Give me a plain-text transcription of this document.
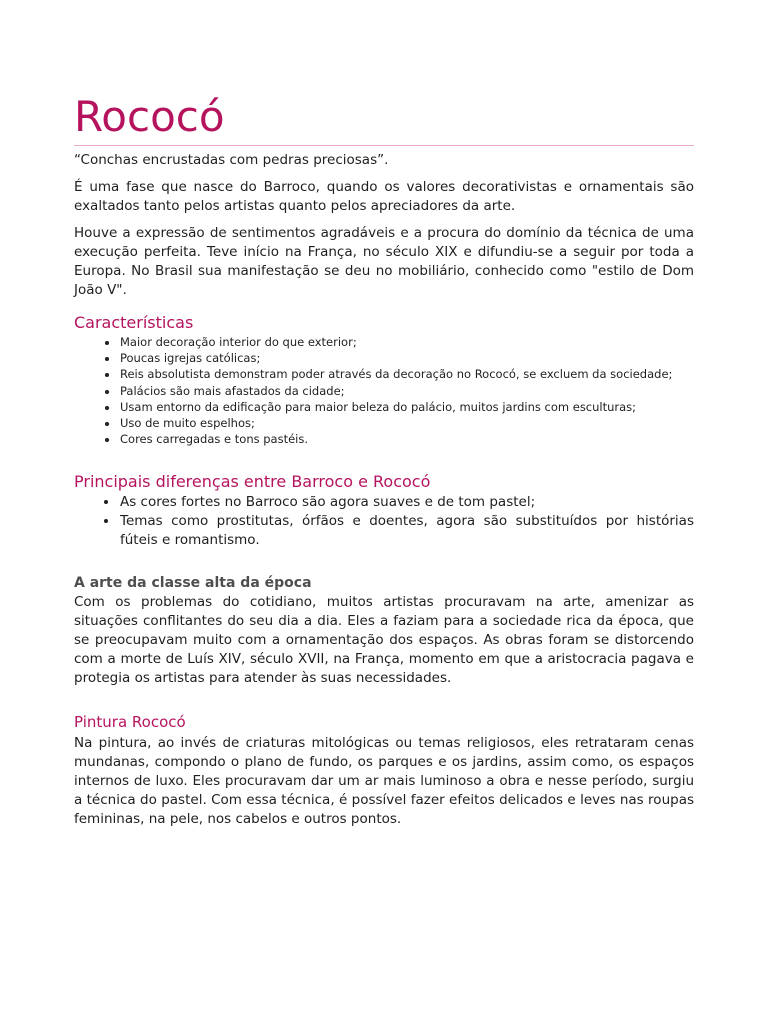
Rococó

“Conchas encrustadas com pedras preciosas”.

É uma fase que nasce do Barroco, quando os valores decorativistas e ornamentais são exaltados tanto pelos artistas quanto pelos apreciadores da arte.

Houve a expressão de sentimentos agradáveis e a procura do domínio da técnica de uma execução perfeita. Teve início na França, no século XIX e difundiu-se a seguir por toda a Europa. No Brasil sua manifestação se deu no mobiliário, conhecido como "estilo de Dom João V".

Características
• Maior decoração interior do que exterior;
• Poucas igrejas católicas;
• Reis absolutista demonstram poder através da decoração no Rococó, se excluem da sociedade;
• Palácios são mais afastados da cidade;
• Usam entorno da edificação para maior beleza do palácio, muitos jardins com esculturas;
• Uso de muito espelhos;
• Cores carregadas e tons pastéis.
Principais diferenças entre Barroco e Rococó
• As cores fortes no Barroco são agora suaves e de tom pastel;
• Temas como prostitutas, órfãos e doentes, agora são substituídos por histórias fúteis e romantismo.
A arte da classe alta da época

Com os problemas do cotidiano, muitos artistas procuravam na arte, amenizar as situações conflitantes do seu dia a dia. Eles a faziam para a sociedade rica da época, que se preocupavam muito com a ornamentação dos espaços. As obras foram se distorcendo com a morte de Luís XIV, século XVII, na França, momento em que a aristocracia pagava e protegia os artistas para atender às suas necessidades.

Pintura Rococó

Na pintura, ao invés de criaturas mitológicas ou temas religiosos, eles retrataram cenas mundanas, compondo o plano de fundo, os parques e os jardins, assim como, os espaços internos de luxo. Eles procuravam dar um ar mais luminoso a obra e nesse período, surgiu a técnica do pastel. Com essa técnica, é possível fazer efeitos delicados e leves nas roupas femininas, na pele, nos cabelos e outros pontos.
